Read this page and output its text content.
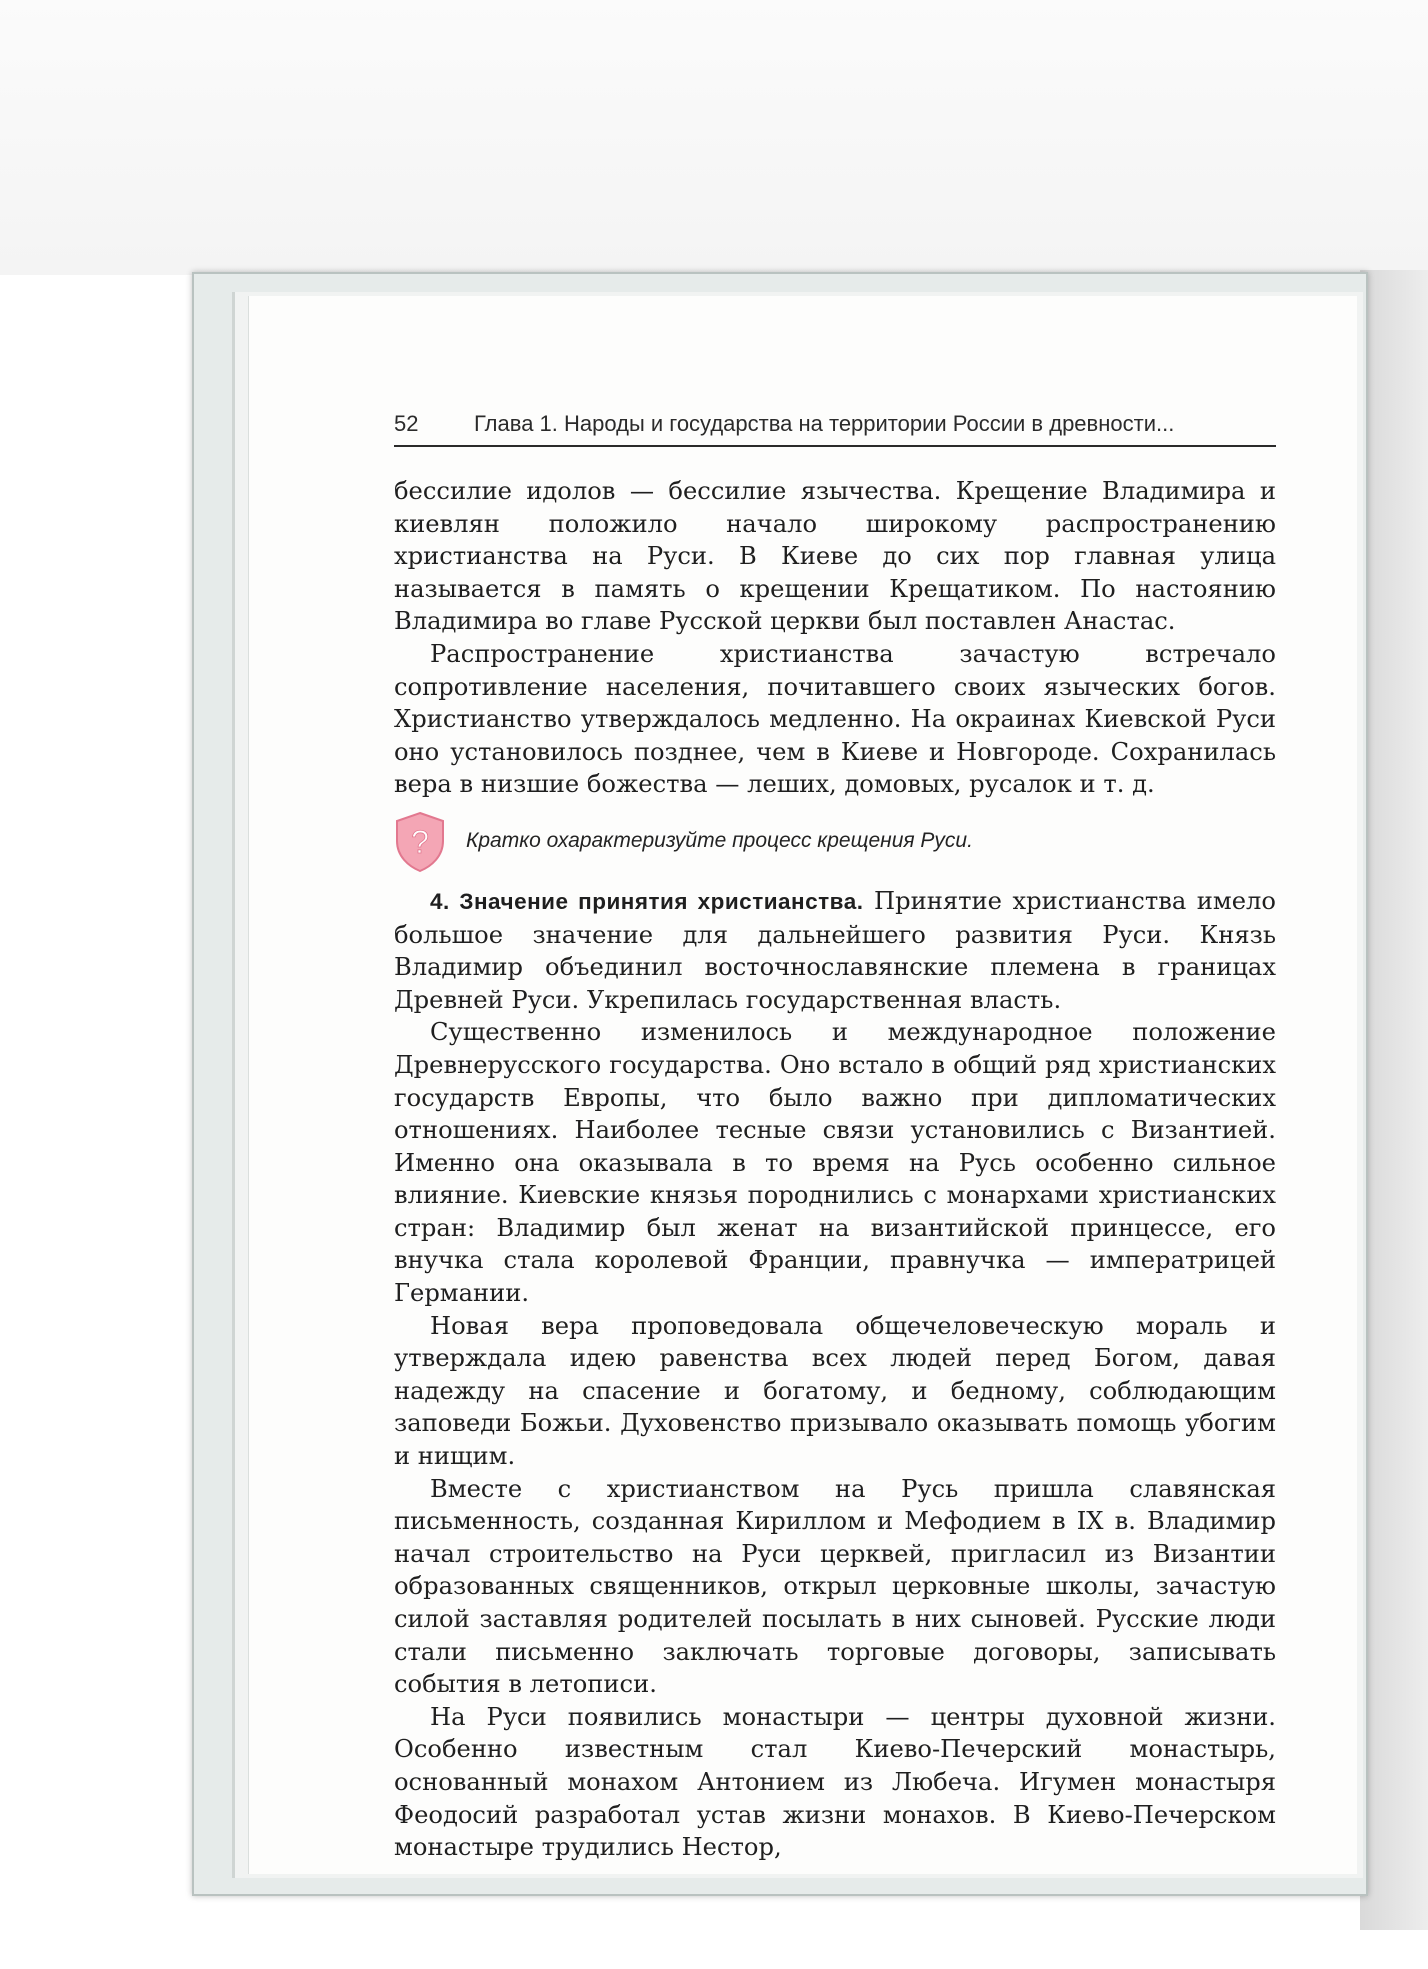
52	Глава 1. Народы и государства на территории России в древности...

бессилие идолов — бессилие язычества. Крещение Владимира и киевлян положило начало широкому распространению христианства на Руси. В Киеве до сих пор главная улица называется в память о крещении Крещатиком. По настоянию Владимира во главе Русской церкви был поставлен Анастас.

Распространение христианства зачастую встречало сопротивление населения, почитавшего своих языческих богов. Христианство утверждалось медленно. На окраинах Киевской Руси оно установилось позднее, чем в Киеве и Новгороде. Сохранилась вера в низшие божества — леших, домовых, русалок и т. д.

? Кратко охарактеризуйте процесс крещения Руси.

4. Значение принятия христианства. Принятие христианства имело большое значение для дальнейшего развития Руси. Князь Владимир объединил восточнославянские племена в границах Древней Руси. Укрепилась государственная власть.

Существенно изменилось и международное положение Древнерусского государства. Оно встало в общий ряд христианских государств Европы, что было важно при дипломатических отношениях. Наиболее тесные связи установились с Византией. Именно она оказывала в то время на Русь особенно сильное влияние. Киевские князья породнились с монархами христианских стран: Владимир был женат на византийской принцессе, его внучка стала королевой Франции, правнучка — императрицей Германии.

Новая вера проповедовала общечеловеческую мораль и утверждала идею равенства всех людей перед Богом, давая надежду на спасение и богатому, и бедному, соблюдающим заповеди Божьи. Духовенство призывало оказывать помощь убогим и нищим.

Вместе с христианством на Русь пришла славянская письменность, созданная Кириллом и Мефодием в IX в. Владимир начал строительство на Руси церквей, пригласил из Византии образованных священников, открыл церковные школы, зачастую силой заставляя родителей посылать в них сыновей. Русские люди стали письменно заключать торговые договоры, записывать события в летописи.

На Руси появились монастыри — центры духовной жизни. Особенно известным стал Киево-Печерский монастырь, основанный монахом Антонием из Любеча. Игумен монастыря Феодосий разработал устав жизни монахов. В Киево-Печерском монастыре трудились Нестор,
